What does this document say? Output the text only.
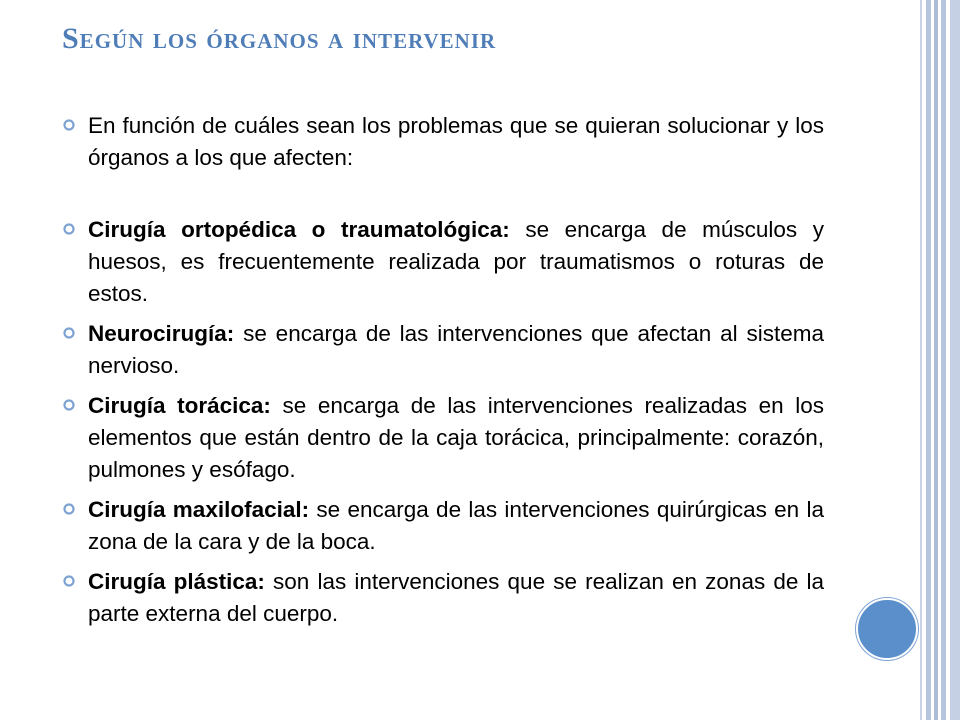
Según los órganos a intervenir
En función de cuáles sean los problemas que se quieran solucionar y los órganos a los que afecten:
Cirugía ortopédica o traumatológica: se encarga de músculos y huesos, es frecuentemente realizada por traumatismos o roturas de estos.
Neurocirugía: se encarga de las intervenciones que afectan al sistema nervioso.
Cirugía torácica: se encarga de las intervenciones realizadas en los elementos que están dentro de la caja torácica, principalmente: corazón, pulmones y esófago.
Cirugía maxilofacial: se encarga de las intervenciones quirúrgicas en la zona de la cara y de la boca.
Cirugía plástica: son las intervenciones que se realizan en zonas de la parte externa del cuerpo.
